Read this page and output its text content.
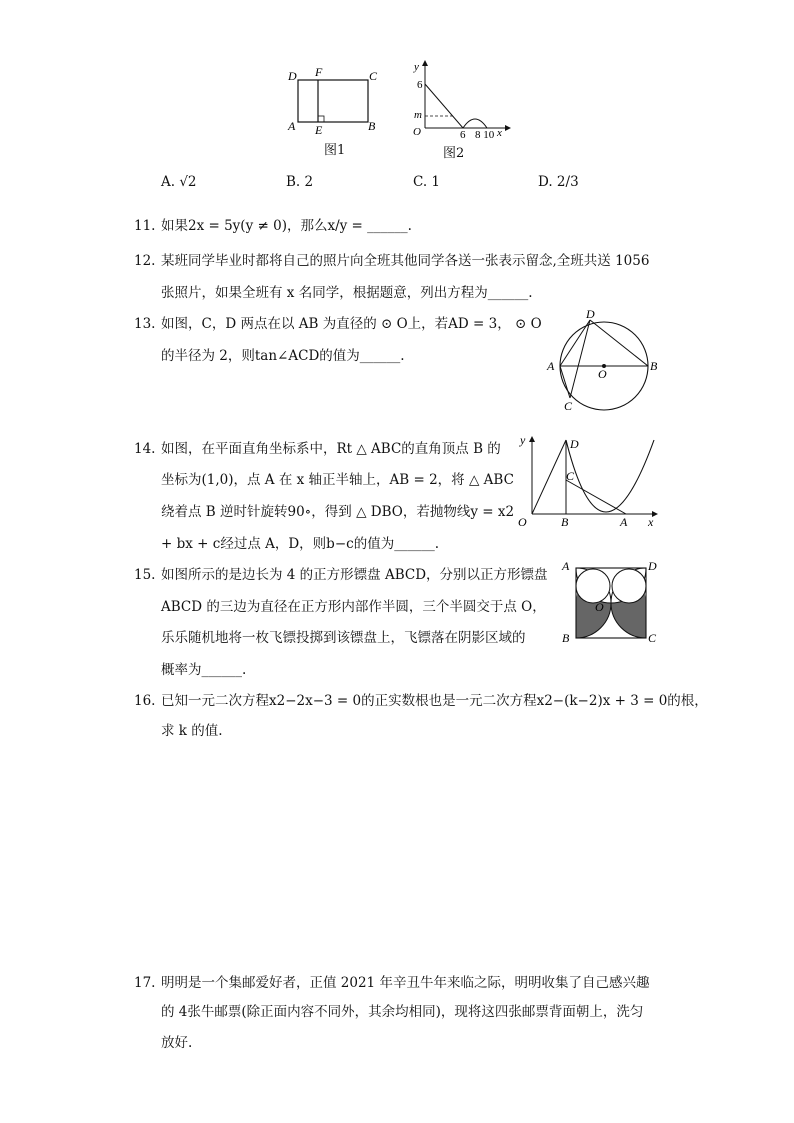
D F	C
A E	B
图1
y
6
m
O	6 8 10 x
图2
A. √2	B. 2	C. 1	D. 2/3
11. 如果2x = 5y(y ≠ 0)，那么x/y = ______.
12. 某班同学毕业时都将自己的照片向全班其他同学各送一张表示留念,全班共送 1056
张照片，如果全班有 x 名同学，根据题意，列出方程为______.
13. 如图，C，D 两点在以 AB 为直径的 ⊙ O上，若AD = 3， ⊙ O
的半径为 2，则tan∠ACD的值为______.
D
A
O
B
C
14. 如图，在平面直角坐标系中，Rt △ ABC的直角顶点 B 的
坐标为(1,0)，点 A 在 x 轴正半轴上，AB = 2，将 △ ABC
绕着点 B 逆时针旋转90∘，得到 △ DBO，若抛物线y = x2
+ bx + c经过点 A，D，则b−c的值为______.
y	D
C
O	B	A x
15. 如图所示的是边长为 4 的正方形镖盘 ABCD，分别以正方形镖盘
ABCD 的三边为直径在正方形内部作半圆，三个半圆交于点 O，
乐乐随机地将一枚飞镖投掷到该镖盘上，飞镖落在阴影区域的
概率为______.
A	D
O
B	C
16. 已知一元二次方程x2−2x−3 = 0的正实数根也是一元二次方程x2−(k−2)x + 3 = 0的根，
求 k 的值.
17. 明明是一个集邮爱好者，正值 2021 年辛丑牛年来临之际，明明收集了自己感兴趣
的 4张牛邮票(除正面内容不同外，其余均相同)，现将这四张邮票背面朝上，洗匀
放好.
